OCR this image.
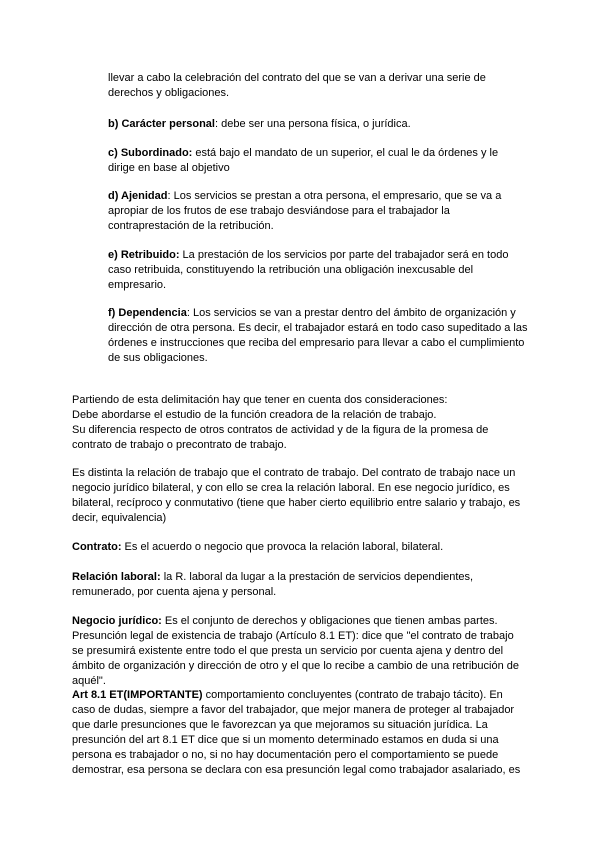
llevar a cabo la celebración del contrato del que se van a derivar una serie de derechos y obligaciones.

b) Carácter personal: debe ser una persona física, o jurídica.

c) Subordinado: está bajo el mandato de un superior, el cual le da órdenes y le dirige en base al objetivo

d) Ajenidad: Los servicios se prestan a otra persona, el empresario, que se va a apropiar de los frutos de ese trabajo desviándose para el trabajador la contraprestación de la retribución.

e) Retribuido: La prestación de los servicios por parte del trabajador será en todo caso retribuida, constituyendo la retribución una obligación inexcusable del empresario.

f) Dependencia: Los servicios se van a prestar dentro del ámbito de organización y dirección de otra persona. Es decir, el trabajador estará en todo caso supeditado a las órdenes e instrucciones que reciba del empresario para llevar a cabo el cumplimiento de sus obligaciones.

Partiendo de esta delimitación hay que tener en cuenta dos consideraciones:

Debe abordarse el estudio de la función creadora de la relación de trabajo.

Su diferencia respecto de otros contratos de actividad y de la figura de la promesa de contrato de trabajo o precontrato de trabajo.

Es distinta la relación de trabajo que el contrato de trabajo. Del contrato de trabajo nace un negocio jurídico bilateral, y con ello se crea la relación laboral. En ese negocio jurídico, es bilateral, recíproco y conmutativo (tiene que haber cierto equilibrio entre salario y trabajo, es decir, equivalencia)

Contrato: Es el acuerdo o negocio que provoca la relación laboral, bilateral.

Relación laboral: la R. laboral da lugar a la prestación de servicios dependientes, remunerado, por cuenta ajena y personal.

Negocio jurídico: Es el conjunto de derechos y obligaciones que tienen ambas partes.

Presunción legal de existencia de trabajo (Artículo 8.1 ET): dice que "el contrato de trabajo se presumirá existente entre todo el que presta un servicio por cuenta ajena y dentro del ámbito de organización y dirección de otro y el que lo recibe a cambio de una retribución de aquél".

Art 8.1 ET(IMPORTANTE) comportamiento concluyentes (contrato de trabajo tácito). En caso de dudas, siempre a favor del trabajador, que mejor manera de proteger al trabajador que darle presunciones que le favorezcan ya que mejoramos su situación jurídica. La presunción del art 8.1 ET dice que si un momento determinado estamos en duda si una persona es trabajador o no, si no hay documentación pero el comportamiento se puede demostrar, esa persona se declara con esa presunción legal como trabajador asalariado, es
